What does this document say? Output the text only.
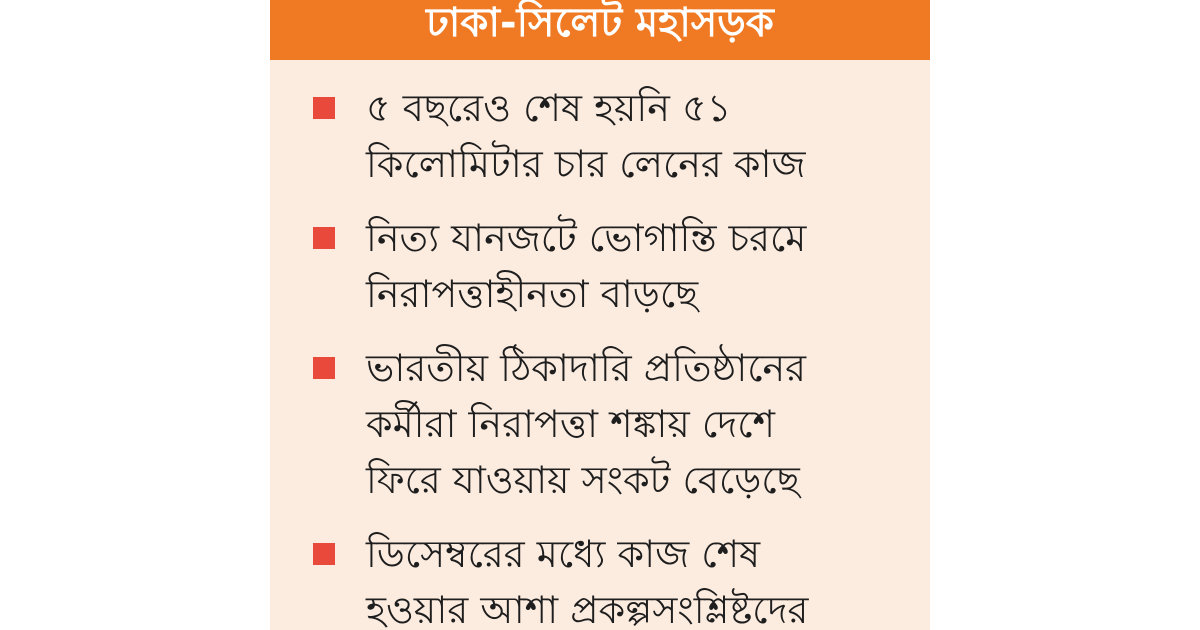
ঢাকা-সিলেট মহাসড়ক
৫ বছরেও শেষ হয়নি ৫১
কিলোমিটার চার লেনের কাজ
নিত্য যানজটে ভোগান্তি চরমে
নিরাপত্তাহীনতা বাড়ছে
ভারতীয় ঠিকাদারি প্রতিষ্ঠানের
কর্মীরা নিরাপত্তা শঙ্কায় দেশে
ফিরে যাওয়ায় সংকট বেড়েছে
ডিসেম্বরের মধ্যে কাজ শেষ
হওয়ার আশা প্রকল্পসংশ্লিষ্টদের
